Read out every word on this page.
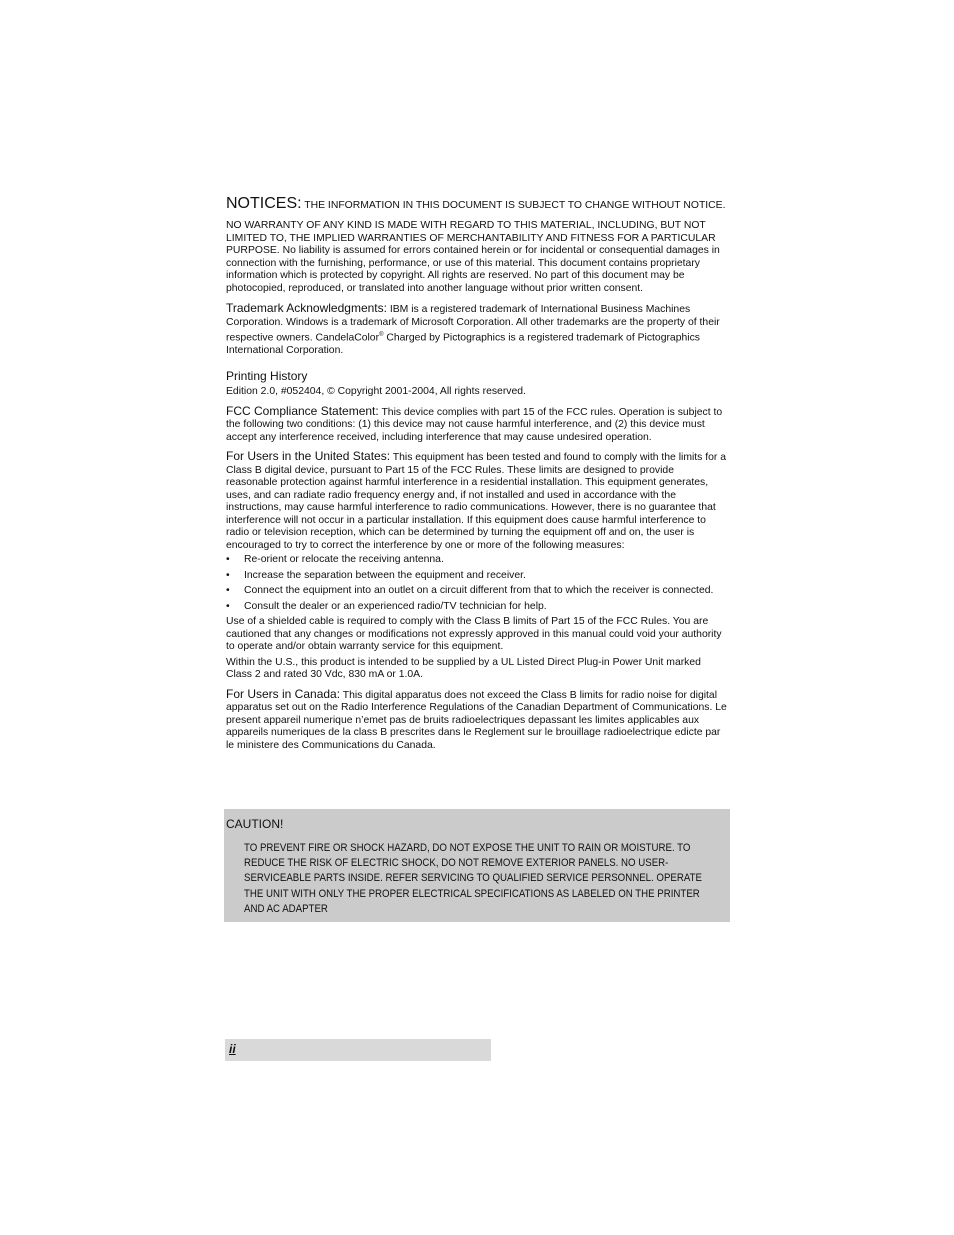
NOTICES: THE INFORMATION IN THIS DOCUMENT IS SUBJECT TO CHANGE WITHOUT NOTICE.

NO WARRANTY OF ANY KIND IS MADE WITH REGARD TO THIS MATERIAL, INCLUDING, BUT NOT LIMITED TO, THE IMPLIED WARRANTIES OF MERCHANTABILITY AND FITNESS FOR A PARTICULAR PURPOSE. No liability is assumed for errors contained herein or for incidental or consequential damages in connection with the furnishing, performance, or use of this material. This document contains proprietary information which is protected by copyright. All rights are reserved. No part of this document may be photocopied, reproduced, or translated into another language without prior written consent.

Trademark Acknowledgments: IBM is a registered trademark of International Business Machines Corporation. Windows is a trademark of Microsoft Corporation. All other trademarks are the property of their respective owners. CandelaColor® Charged by Pictographics is a registered trademark of Pictographics International Corporation.

Printing History

Edition 2.0, #052404, © Copyright 2001-2004, All rights reserved.

FCC Compliance Statement: This device complies with part 15 of the FCC rules. Operation is subject to the following two conditions: (1) this device may not cause harmful interference, and (2) this device must accept any interference received, including interference that may cause undesired operation.

For Users in the United States: This equipment has been tested and found to comply with the limits for a Class B digital device, pursuant to Part 15 of the FCC Rules. These limits are designed to provide reasonable protection against harmful interference in a residential installation. This equipment generates, uses, and can radiate radio frequency energy and, if not installed and used in accordance with the instructions, may cause harmful interference to radio communications. However, there is no guarantee that interference will not occur in a particular installation. If this equipment does cause harmful interference to radio or television reception, which can be determined by turning the equipment off and on, the user is encouraged to try to correct the interference by one or more of the following measures:

• Re-orient or relocate the receiving antenna.
• Increase the separation between the equipment and receiver.
• Connect the equipment into an outlet on a circuit different from that to which the receiver is connected.
• Consult the dealer or an experienced radio/TV technician for help.

Use of a shielded cable is required to comply with the Class B limits of Part 15 of the FCC Rules. You are cautioned that any changes or modifications not expressly approved in this manual could void your authority to operate and/or obtain warranty service for this equipment.

Within the U.S., this product is intended to be supplied by a UL Listed Direct Plug-in Power Unit marked Class 2 and rated 30 Vdc, 830 mA or 1.0A.

For Users in Canada: This digital apparatus does not exceed the Class B limits for radio noise for digital apparatus set out on the Radio Interference Regulations of the Canadian Department of Communications. Le present appareil numerique n’emet pas de bruits radioelectriques depassant les limites applicables aux appareils numeriques de la class B prescrites dans le Reglement sur le brouillage radioelectrique edicte par le ministere des Communications du Canada.

CAUTION!
TO PREVENT FIRE OR SHOCK HAZARD, DO NOT EXPOSE THE UNIT TO RAIN OR MOISTURE. TO REDUCE THE RISK OF ELECTRIC SHOCK, DO NOT REMOVE EXTERIOR PANELS. NO USER-SERVICEABLE PARTS INSIDE. REFER SERVICING TO QUALIFIED SERVICE PERSONNEL. OPERATE THE UNIT WITH ONLY THE PROPER ELECTRICAL SPECIFICATIONS AS LABELED ON THE PRINTER AND AC ADAPTER
ii
